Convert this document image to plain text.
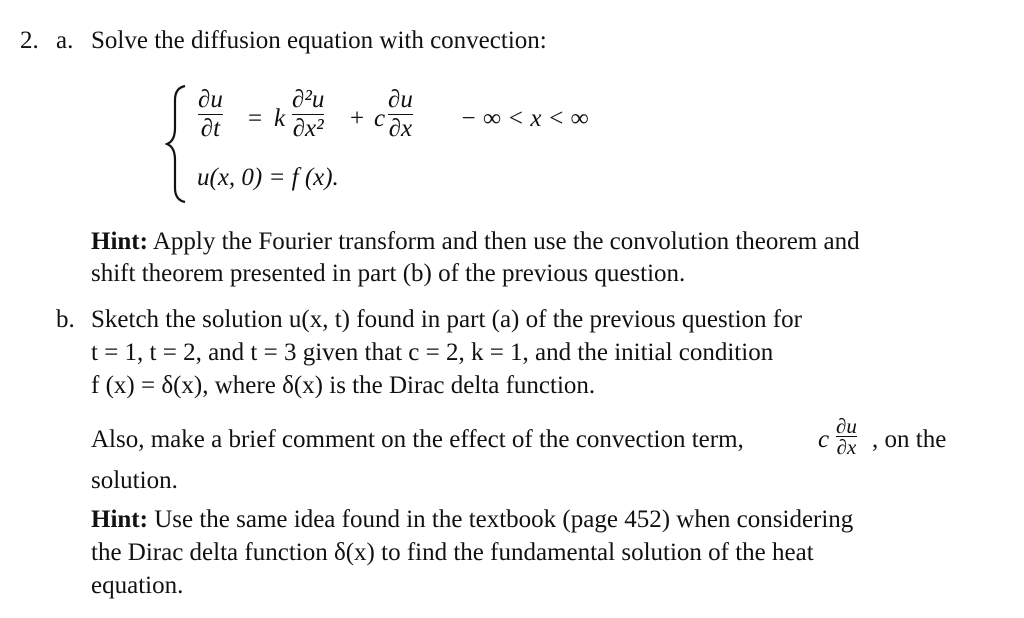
2. a. Solve the diffusion equation with convection:
∂u
∂t = k
∂²u
∂x² + c
∂u
∂x − ∞ < x < ∞
u(x, 0) = f (x).
Hint: Apply the Fourier transform and then use the convolution theorem and
shift theorem presented in part (b) of the previous question.
b. Sketch the solution u(x, t) found in part (a) of the previous question for
t = 1, t = 2, and t = 3 given that c = 2, k = 1, and the initial condition
f (x) = δ(x), where δ(x) is the Dirac delta function.
Also, make a brief comment on the effect of the convection term,	c ∂u
∂x , on the
solution.
Hint: Use the same idea found in the textbook (page 452) when considering
the Dirac delta function δ(x) to find the fundamental solution of the heat
equation.
